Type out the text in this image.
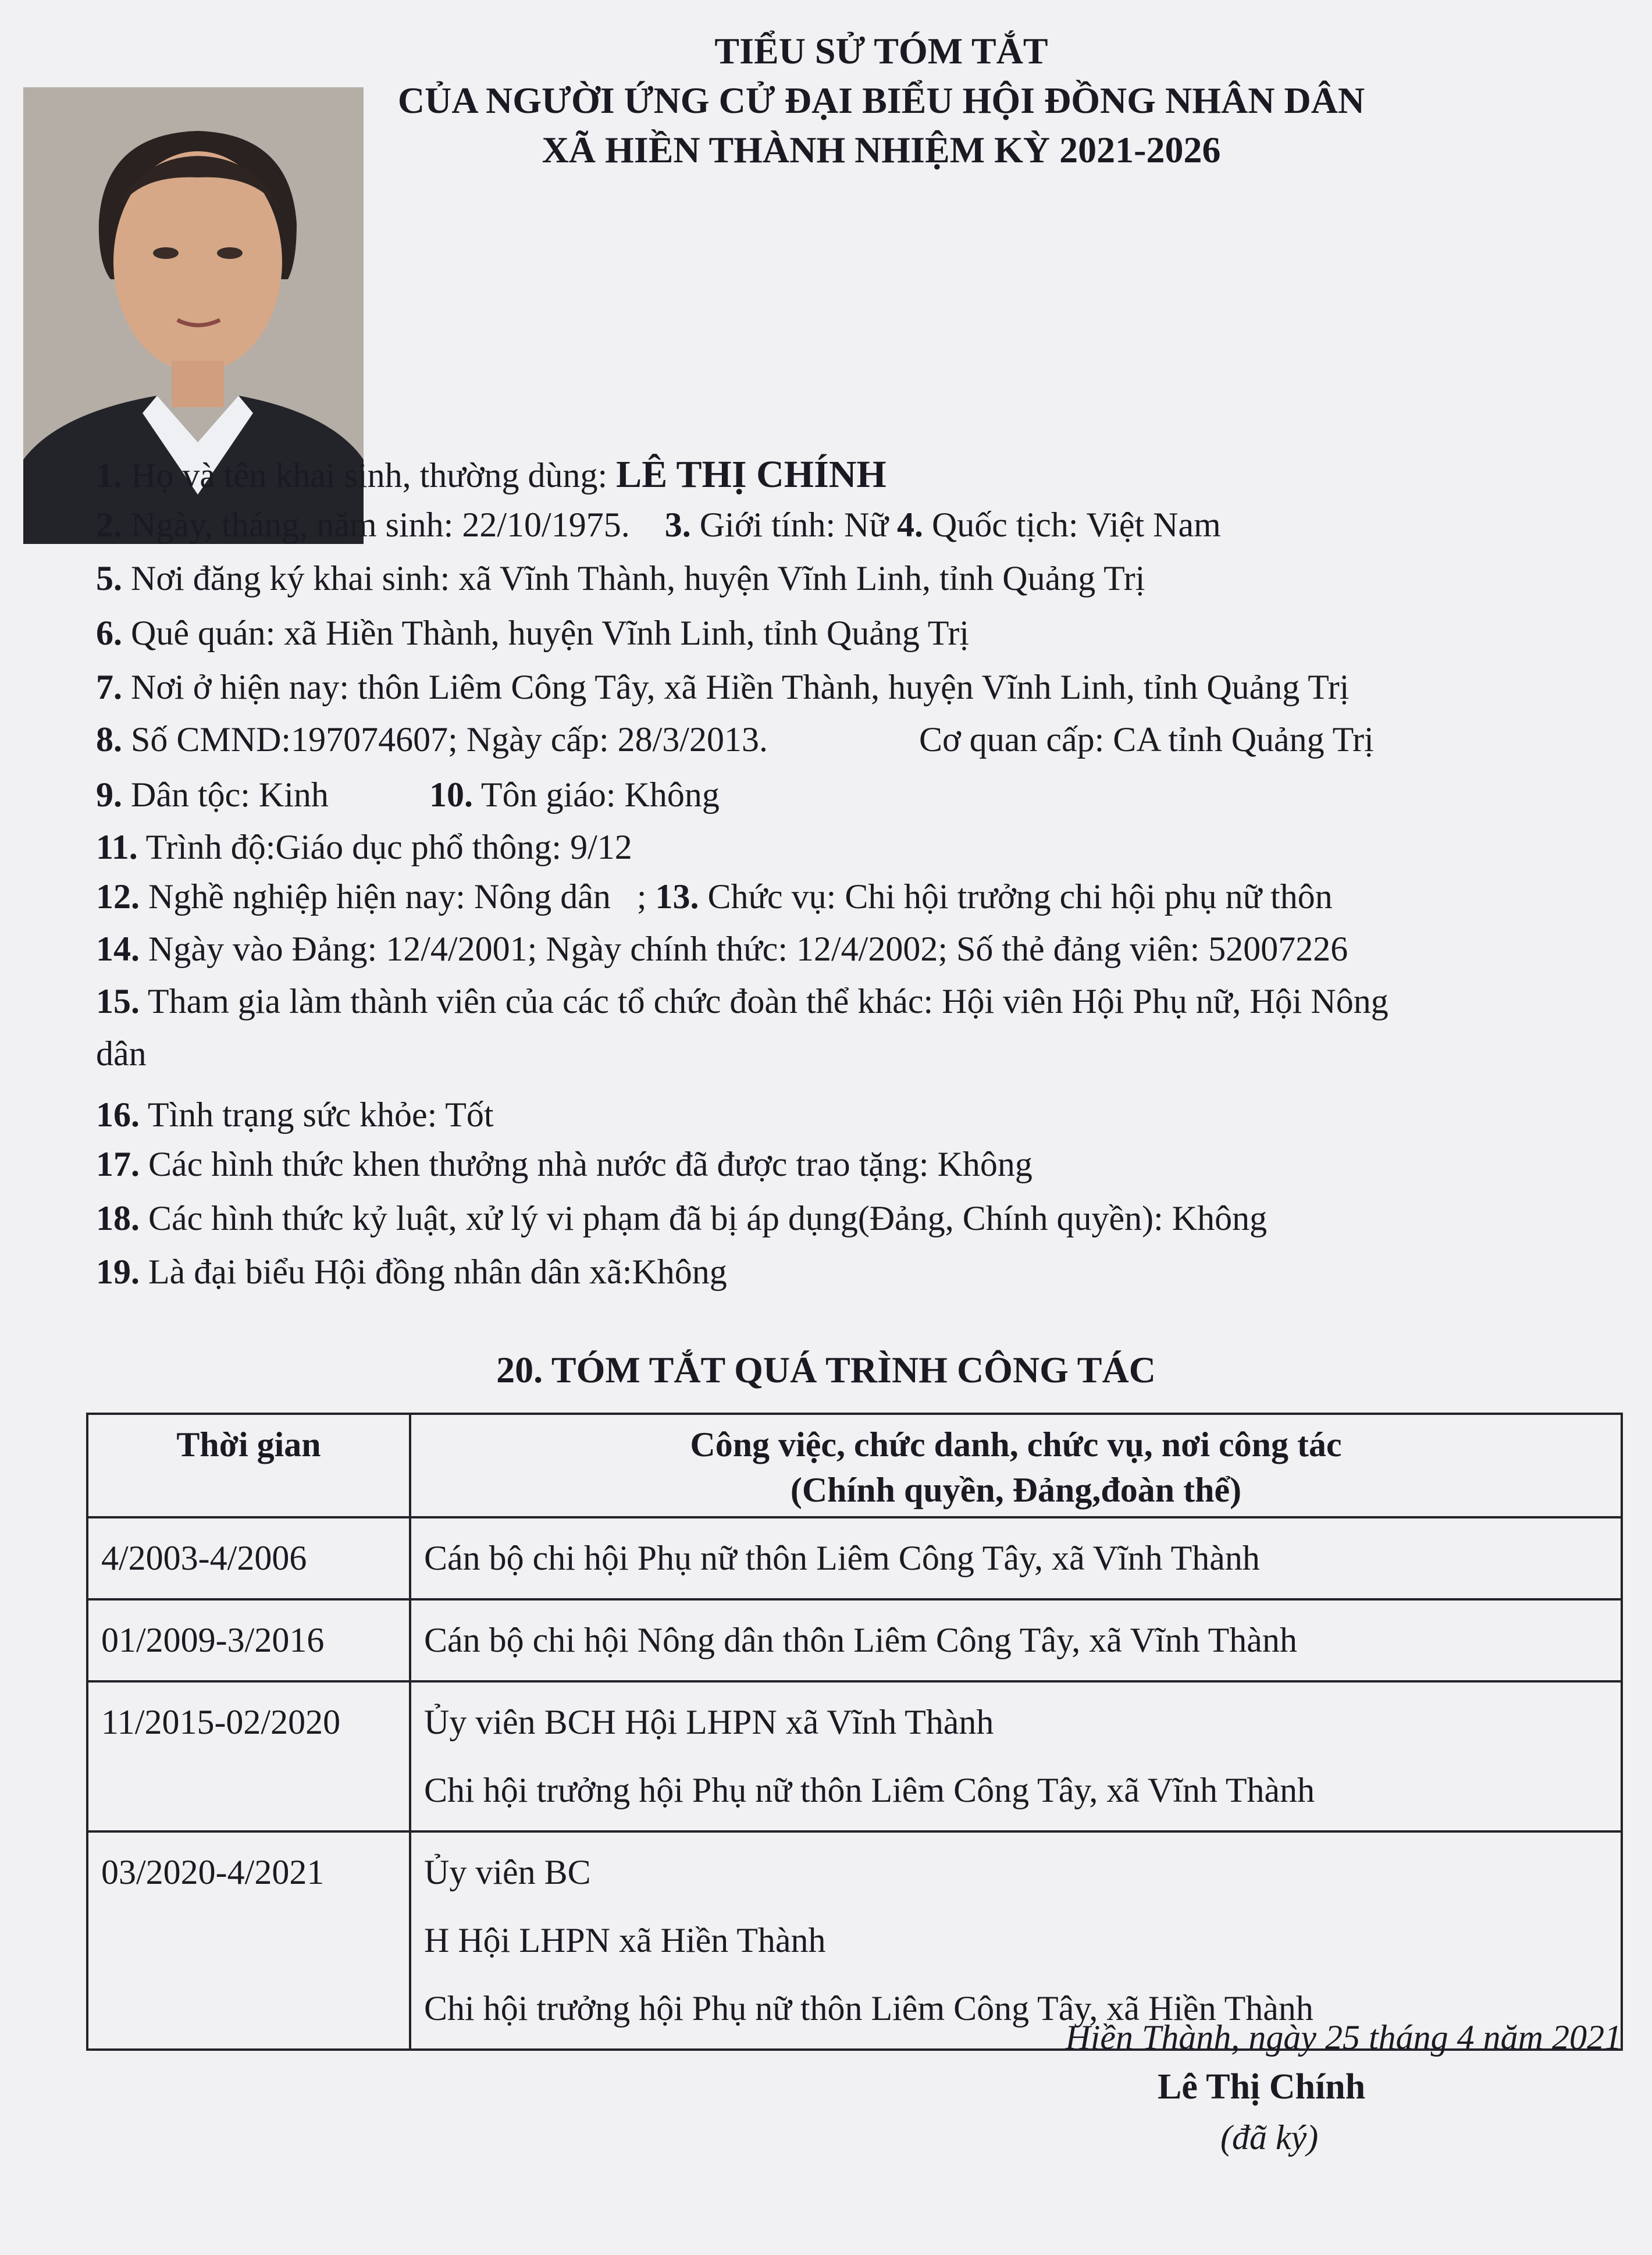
TIỂU SỬ TÓM TẮT
CỦA NGƯỜI ỨNG CỬ ĐẠI BIỂU HỘI ĐỒNG NHÂN DÂN
XÃ HIỀN THÀNH NHIỆM KỲ 2021-2026
1. Họ và tên khai sinh, thường dùng: LÊ THỊ CHÍNH
2. Ngày, tháng, năm sinh: 22/10/1975. 3. Giới tính: Nữ 4. Quốc tịch: Việt Nam
5. Nơi đăng ký khai sinh: xã Vĩnh Thành, huyện Vĩnh Linh, tỉnh Quảng Trị
6. Quê quán: xã Hiền Thành, huyện Vĩnh Linh, tỉnh Quảng Trị
7. Nơi ở hiện nay: thôn Liêm Công Tây, xã Hiền Thành, huyện Vĩnh Linh, tỉnh Quảng Trị
8. Số CMND:197074607; Ngày cấp: 28/3/2013.	Cơ quan cấp: CA tỉnh Quảng Trị
9. Dân tộc: Kinh	10. Tôn giáo: Không
11. Trình độ:Giáo dục phổ thông: 9/12
12. Nghề nghiệp hiện nay: Nông dân   ; 13. Chức vụ: Chi hội trưởng chi hội phụ nữ thôn
14. Ngày vào Đảng: 12/4/2001; Ngày chính thức: 12/4/2002; Số thẻ đảng viên: 52007226
15. Tham gia làm thành viên của các tổ chức đoàn thể khác: Hội viên Hội Phụ nữ, Hội Nông
dân
16. Tình trạng sức khỏe: Tốt
17. Các hình thức khen thưởng nhà nước đã được trao tặng: Không
18. Các hình thức kỷ luật, xử lý vi phạm đã bị áp dụng(Đảng, Chính quyền): Không
19. Là đại biểu Hội đồng nhân dân xã:Không
20. TÓM TẮT QUÁ TRÌNH CÔNG TÁC
Thời gian	Công việc, chức danh, chức vụ, nơi công tác
(Chính quyền, Đảng,đoàn thể)

4/2003-4/2006	Cán bộ chi hội Phụ nữ thôn Liêm Công Tây, xã Vĩnh Thành

01/2009-3/2016	Cán bộ chi hội Nông dân thôn Liêm Công Tây, xã Vĩnh Thành

11/2015-02/2020	Ủy viên BCH Hội LHPN xã Vĩnh Thành
Chi hội trưởng hội Phụ nữ thôn Liêm Công Tây, xã Vĩnh Thành

03/2020-4/2021	Ủy viên BC
H Hội LHPN xã Hiền Thành
Chi hội trưởng hội Phụ nữ thôn Liêm Công Tây, xã Hiền Thành
Hiền Thành, ngày 25 tháng 4 năm 2021
Lê Thị Chính
(đã ký)
